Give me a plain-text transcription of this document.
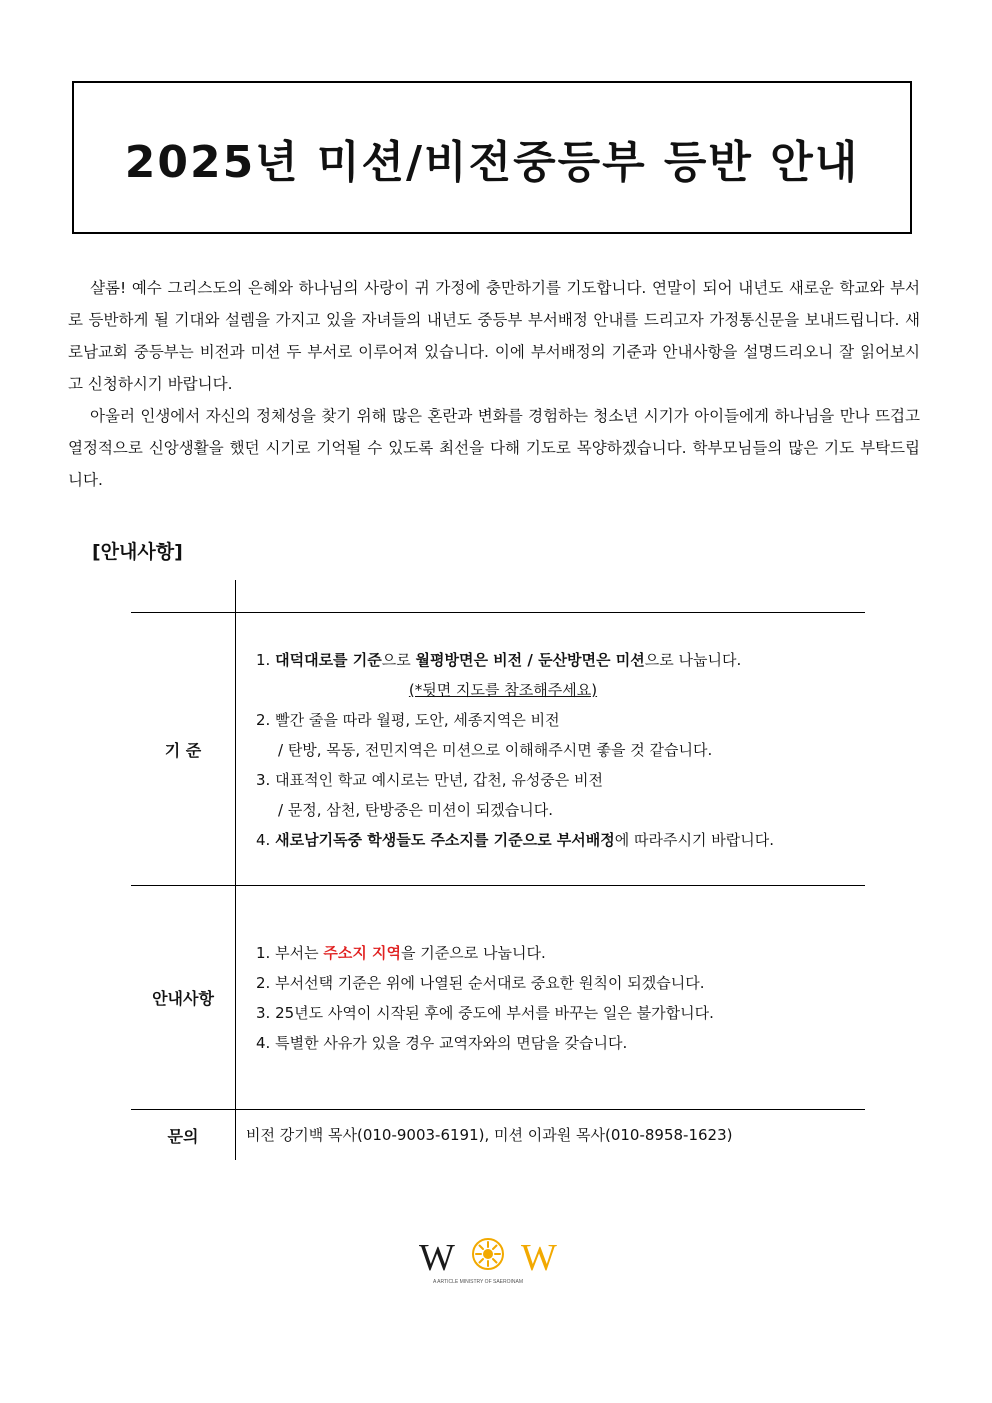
2025년 미션/비전중등부 등반 안내

샬롬! 예수 그리스도의 은혜와 하나님의 사랑이 귀 가정에 충만하기를 기도합니다. 연말이 되어 내년도 새로운 학교와 부서로 등반하게 될 기대와 설렘을 가지고 있을 자녀들의 내년도 중등부 부서배정 안내를 드리고자 가정통신문을 보내드립니다. 새로남교회 중등부는 비전과 미션 두 부서로 이루어져 있습니다. 이에 부서배정의 기준과 안내사항을 설명드리오니 잘 읽어보시고 신청하시기 바랍니다.

아울러 인생에서 자신의 정체성을 찾기 위해 많은 혼란과 변화를 경험하는 청소년 시기가 아이들에게 하나님을 만나 뜨겁고 열정적으로 신앙생활을 했던 시기로 기억될 수 있도록 최선을 다해 기도로 목양하겠습니다. 학부모님들의 많은 기도 부탁드립니다.

[안내사항]
기 준
1. 대덕대로를 기준으로 월평방면은 비전 / 둔산방면은 미션으로 나눕니다.
(*뒷면 지도를 참조해주세요)
2. 빨간 줄을 따라 월평, 도안, 세종지역은 비전
/ 탄방, 목동, 전민지역은 미션으로 이해해주시면 좋을 것 같습니다.
3. 대표적인 학교 예시로는 만년, 갑천, 유성중은 비전
/ 문정, 삼천, 탄방중은 미션이 되겠습니다.
4. 새로남기독중 학생들도 주소지를 기준으로 부서배정에 따라주시기 바랍니다.
안내사항
1. 부서는 주소지 지역을 기준으로 나눕니다.
2. 부서선택 기준은 위에 나열된 순서대로 중요한 원칙이 되겠습니다.
3. 25년도 사역이 시작된 후에 중도에 부서를 바꾸는 일은 불가합니다.
4. 특별한 사유가 있을 경우 교역자와의 면담을 갖습니다.
문의	비전 강기백 목사(010-9003-6191), 미션 이과원 목사(010-8958-1623)
W W
A ARTICLE MINISTRY OF SAEROINAM
